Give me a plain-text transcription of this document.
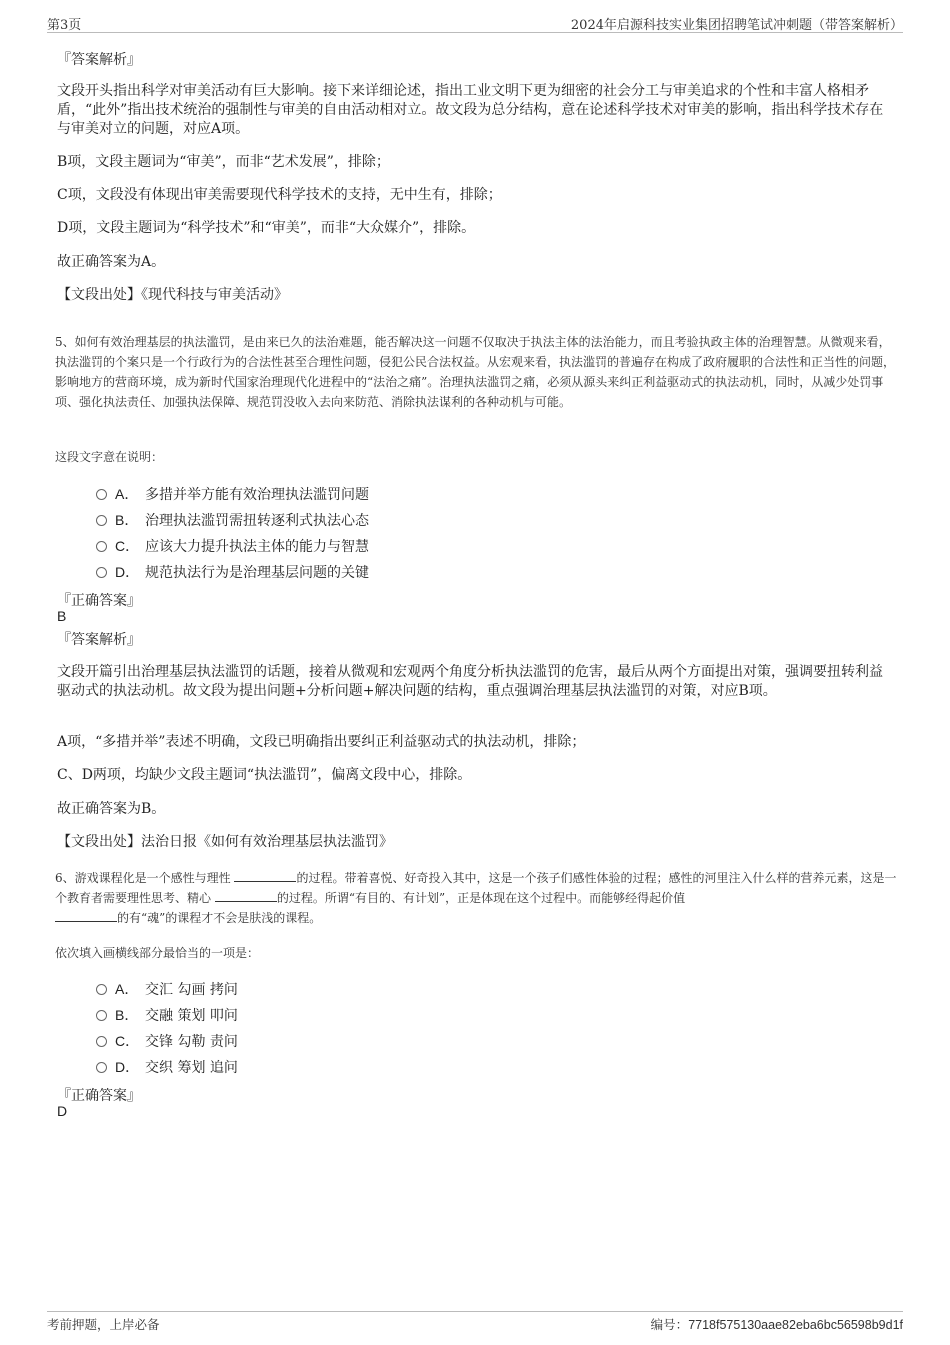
第3页	2024年启源科技实业集团招聘笔试冲刺题（带答案解析）
『答案解析』
文段开头指出科学对审美活动有巨大影响。接下来详细论述，指出工业文明下更为细密的社会分工与审美追求的个性和丰富人格相矛盾，“此外”指出技术统治的强制性与审美的自由活动相对立。故文段为总分结构，意在论述科学技术对审美的影响，指出科学技术存在与审美对立的问题，对应A项。
B项，文段主题词为“审美”，而非“艺术发展”，排除；
C项，文段没有体现出审美需要现代科学技术的支持，无中生有，排除；
D项，文段主题词为“科学技术”和“审美”，而非“大众媒介”，排除。
故正确答案为A。
【文段出处】《现代科技与审美活动》
5、如何有效治理基层的执法滥罚，是由来已久的法治难题，能否解决这一问题不仅取决于执法主体的法治能力，而且考验执政主体的治理智慧。从微观来看，执法滥罚的个案只是一个行政行为的合法性甚至合理性问题，侵犯公民合法权益。从宏观来看，执法滥罚的普遍存在构成了政府履职的合法性和正当性的问题，影响地方的营商环境，成为新时代国家治理现代化进程中的“法治之痛”。治理执法滥罚之痛，必须从源头来纠正利益驱动式的执法动机，同时，从减少处罚事项、强化执法责任、加强执法保障、规范罚没收入去向来防范、消除执法谋利的各种动机与可能。
这段文字意在说明：
A． 多措并举方能有效治理执法滥罚问题
B． 治理执法滥罚需扭转逐利式执法心态
C． 应该大力提升执法主体的能力与智慧
D． 规范执法行为是治理基层问题的关键
『正确答案』
B
『答案解析』
文段开篇引出治理基层执法滥罚的话题，接着从微观和宏观两个角度分析执法滥罚的危害，最后从两个方面提出对策，强调要扭转利益驱动式的执法动机。故文段为提出问题+分析问题+解决问题的结构，重点强调治理基层执法滥罚的对策，对应B项。
A项，“多措并举”表述不明确，文段已明确指出要纠正利益驱动式的执法动机，排除；
C、D两项，均缺少文段主题词“执法滥罚”，偏离文段中心，排除。
故正确答案为B。
【文段出处】法治日报《如何有效治理基层执法滥罚》
6、游戏课程化是一个感性与理性	的过程。带着喜悦、好奇投入其中，这是一个孩子们感性体验的过程；感性的河里注入什么样的营养元素，这是一个教育者需要理性思考、精心	的过程。所谓“有目的、有计划”，正是体现在这个过程中。而能够经得起价值
的有“魂”的课程才不会是肤浅的课程。
依次填入画横线部分最恰当的一项是：
A． 交汇 勾画 拷问
B． 交融 策划 叩问
C． 交锋 勾勒 责问
D． 交织 筹划 追问
『正确答案』
D
考前押题，上岸必备	编号：7718f575130aae82eba6bc56598b9d1f
